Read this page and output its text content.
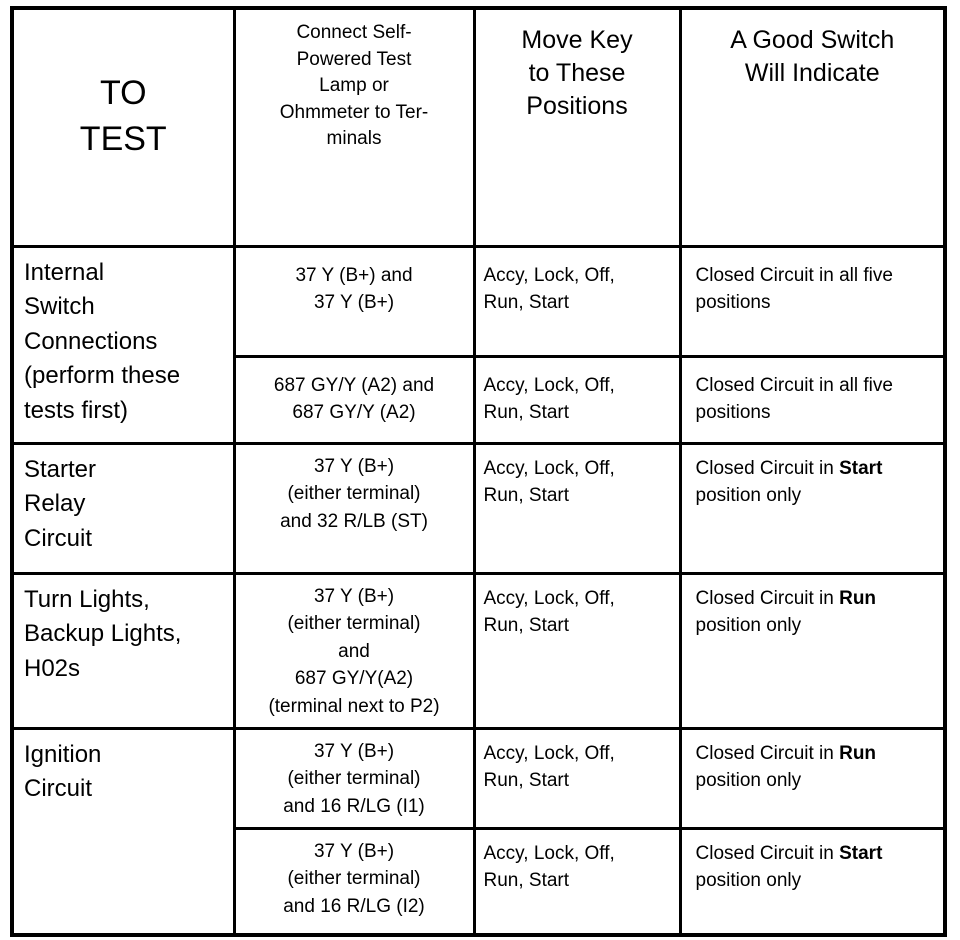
TO
TEST	Connect Self-
Powered Test
Lamp or
Ohmmeter to Ter-
minals	Move Key
to These
Positions	A Good Switch
Will Indicate

Internal
Switch
Connections
(perform these
tests first)	37 Y (B+) and
37 Y (B+)	Accy, Lock, Off,
Run, Start	Closed Circuit in all five
positions

	687 GY/Y (A2) and
687 GY/Y (A2)	Accy, Lock, Off,
Run, Start	Closed Circuit in all five
positions

Starter
Relay
Circuit	37 Y (B+)
(either terminal)
and 32 R/LB (ST)	Accy, Lock, Off,
Run, Start	Closed Circuit in Start
position only

Turn Lights,
Backup Lights,
H02s	37 Y (B+)
(either terminal)
and
687 GY/Y(A2)
(terminal next to P2)	Accy, Lock, Off,
Run, Start	Closed Circuit in Run
position only

Ignition
Circuit	37 Y (B+)
(either terminal)
and 16 R/LG (I1)	Accy, Lock, Off,
Run, Start	Closed Circuit in Run
position only

	37 Y (B+)
(either terminal)
and 16 R/LG (I2)	Accy, Lock, Off,
Run, Start	Closed Circuit in Start
position only
